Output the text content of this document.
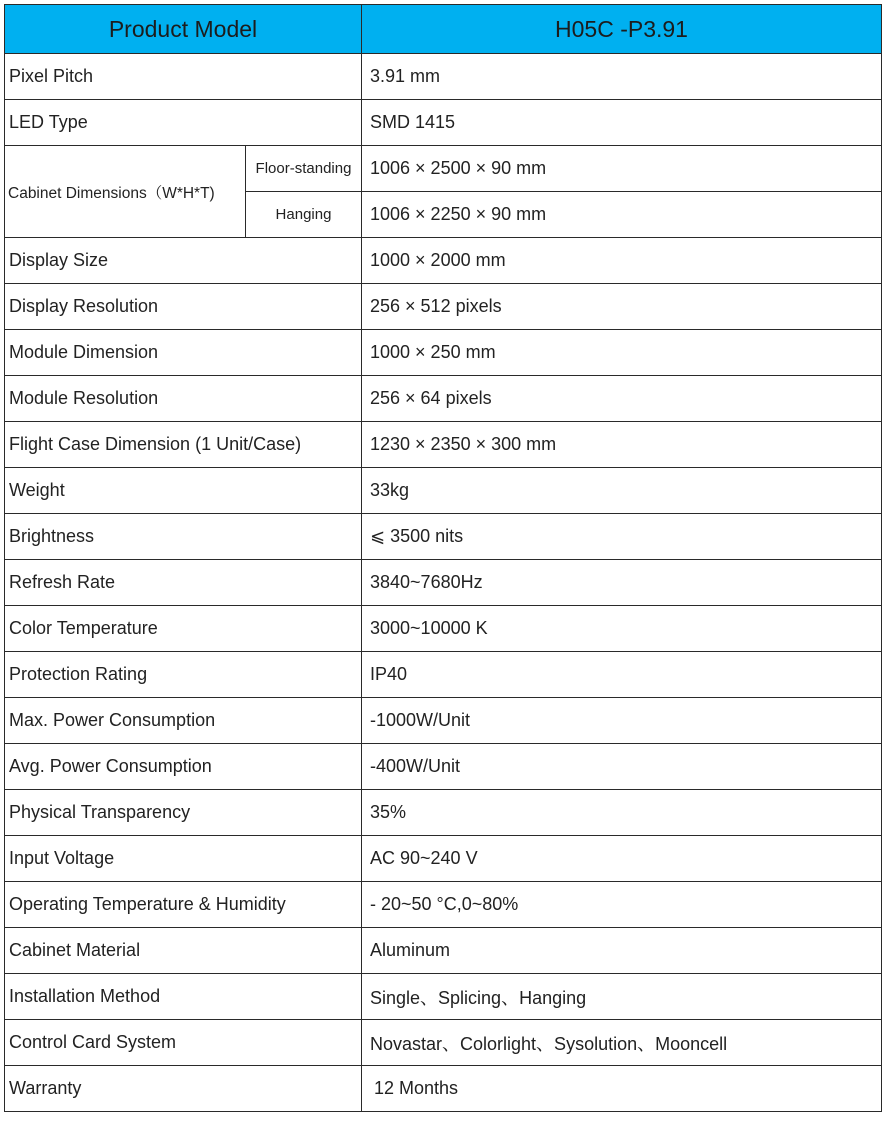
Product Model		H05C -P3.91
Pixel Pitch		3.91 mm
LED Type		SMD 1415
Cabinet Dimensions（W*H*T)	Floor-standing	1006 × 2500 × 90 mm
	Hanging	1006 × 2250 × 90 mm
Display Size		1000 × 2000 mm
Display Resolution		256 × 512 pixels
Module Dimension		1000 × 250 mm
Module Resolution		256 × 64 pixels
Flight Case Dimension (1 Unit/Case)		1230 × 2350 × 300 mm
Weight		33kg
Brightness		⩽ 3500 nits
Refresh Rate		3840~7680Hz
Color Temperature		3000~10000 K
Protection Rating		IP40
Max. Power Consumption		-1000W/Unit
Avg. Power Consumption		-400W/Unit
Physical Transparency		35%
Input Voltage		AC 90~240 V
Operating Temperature & Humidity		- 20~50 °C,0~80%
Cabinet Material		Aluminum
Installation Method		Single、Splicing、Hanging
Control Card System		Novastar、Colorlight、Sysolution、Mooncell
Warranty		12 Months
